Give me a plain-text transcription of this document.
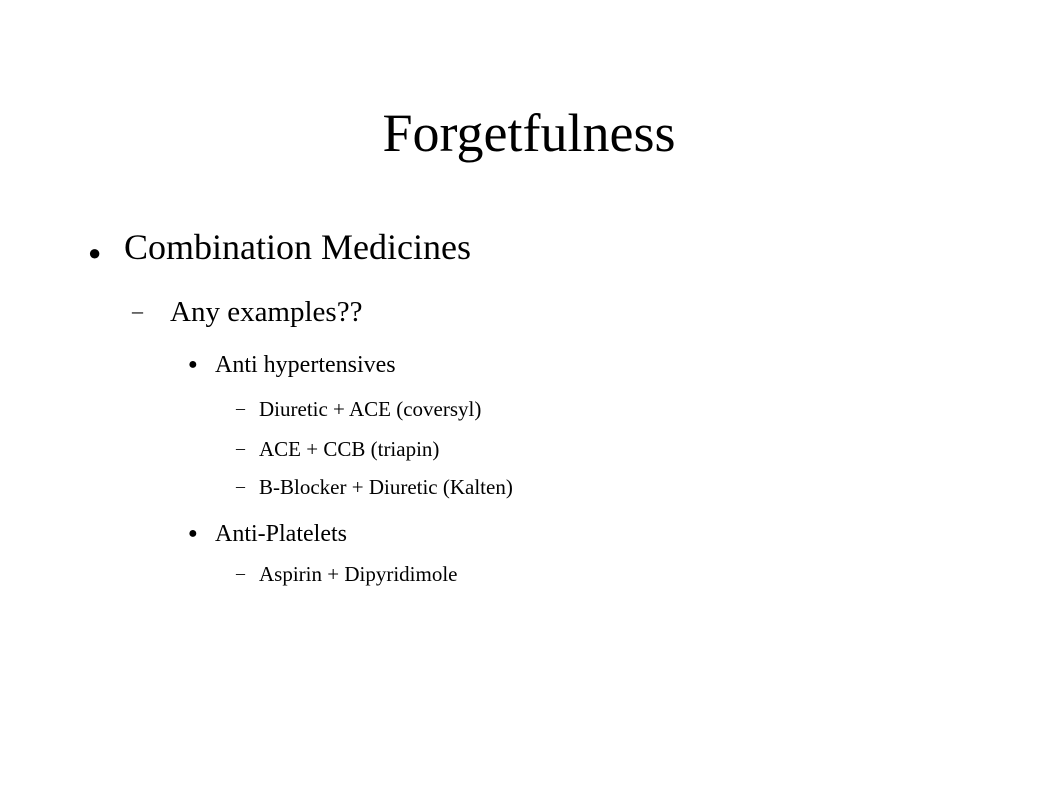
Forgetfulness
● Combination Medicines
– Any examples??
● Anti hypertensives
– Diuretic + ACE (coversyl)
– ACE + CCB (triapin)
– B-Blocker + Diuretic (Kalten)
● Anti-Platelets
– Aspirin + Dipyridimole
